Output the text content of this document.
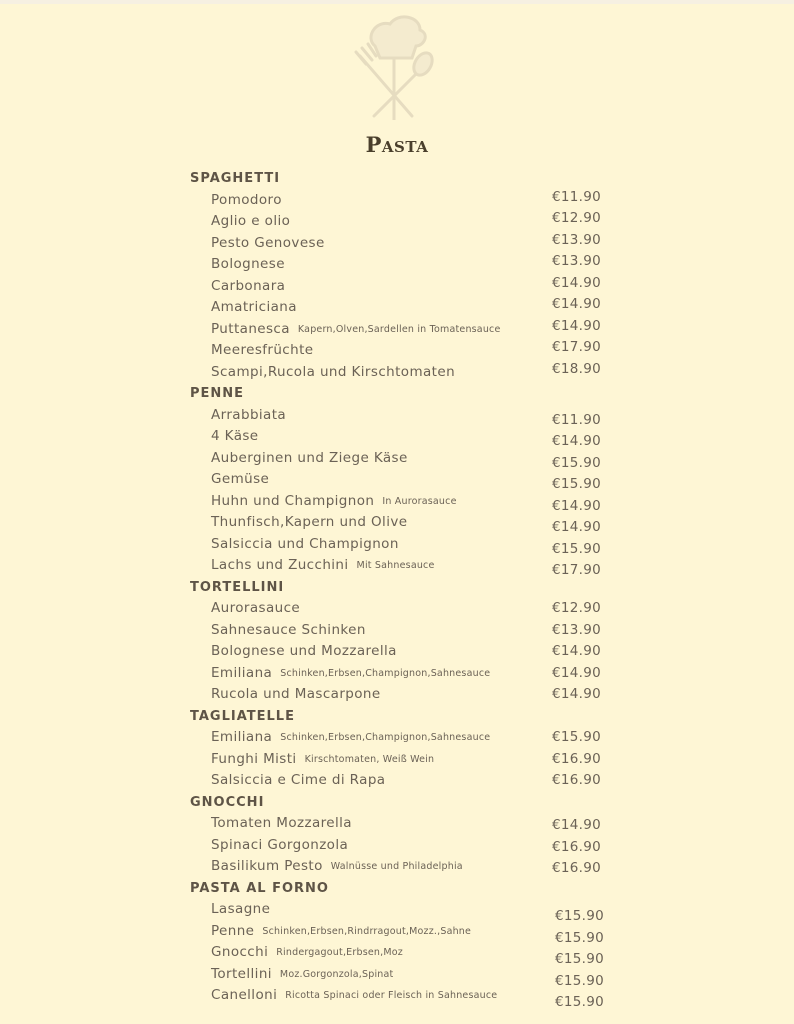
Pasta
SPAGHETTI
Pomodoro	€11.90
Aglio e olio	€12.90
Pesto Genovese	€13.90
Bolognese	€13.90
Carbonara	€14.90
Amatriciana	€14.90
Puttanesca Kapern,Olven,Sardellen in Tomatensauce	€14.90
Meeresfrüchte	€17.90
Scampi,Rucola und Kirschtomaten	€18.90
PENNE
Arrabbiata	€11.90
4 Käse	€14.90
Auberginen und Ziege Käse	€15.90
Gemüse	€15.90
Huhn und Champignon In Aurorasauce	€14.90
Thunfisch,Kapern und Olive	€14.90
Salsiccia und Champignon	€15.90
Lachs und Zucchini Mit Sahnesauce	€17.90
TORTELLINI
Aurorasauce	€12.90
Sahnesauce Schinken	€13.90
Bolognese und Mozzarella	€14.90
Emiliana Schinken,Erbsen,Champignon,Sahnesauce	€14.90
Rucola und Mascarpone	€14.90
TAGLIATELLE
Emiliana Schinken,Erbsen,Champignon,Sahnesauce	€15.90
Funghi Misti Kirschtomaten, Weiß Wein	€16.90
Salsiccia e Cime di Rapa	€16.90
GNOCCHI
Tomaten Mozzarella	€14.90
Spinaci Gorgonzola	€16.90
Basilikum Pesto Walnüsse und Philadelphia	€16.90
PASTA AL FORNO
Lasagne	€15.90
Penne Schinken,Erbsen,Rindrragout,Mozz.,Sahne	€15.90
Gnocchi Rindergagout,Erbsen,Moz	€15.90
Tortellini Moz.Gorgonzola,Spinat	€15.90
Canelloni Ricotta Spinaci oder Fleisch in Sahnesauce	€15.90
